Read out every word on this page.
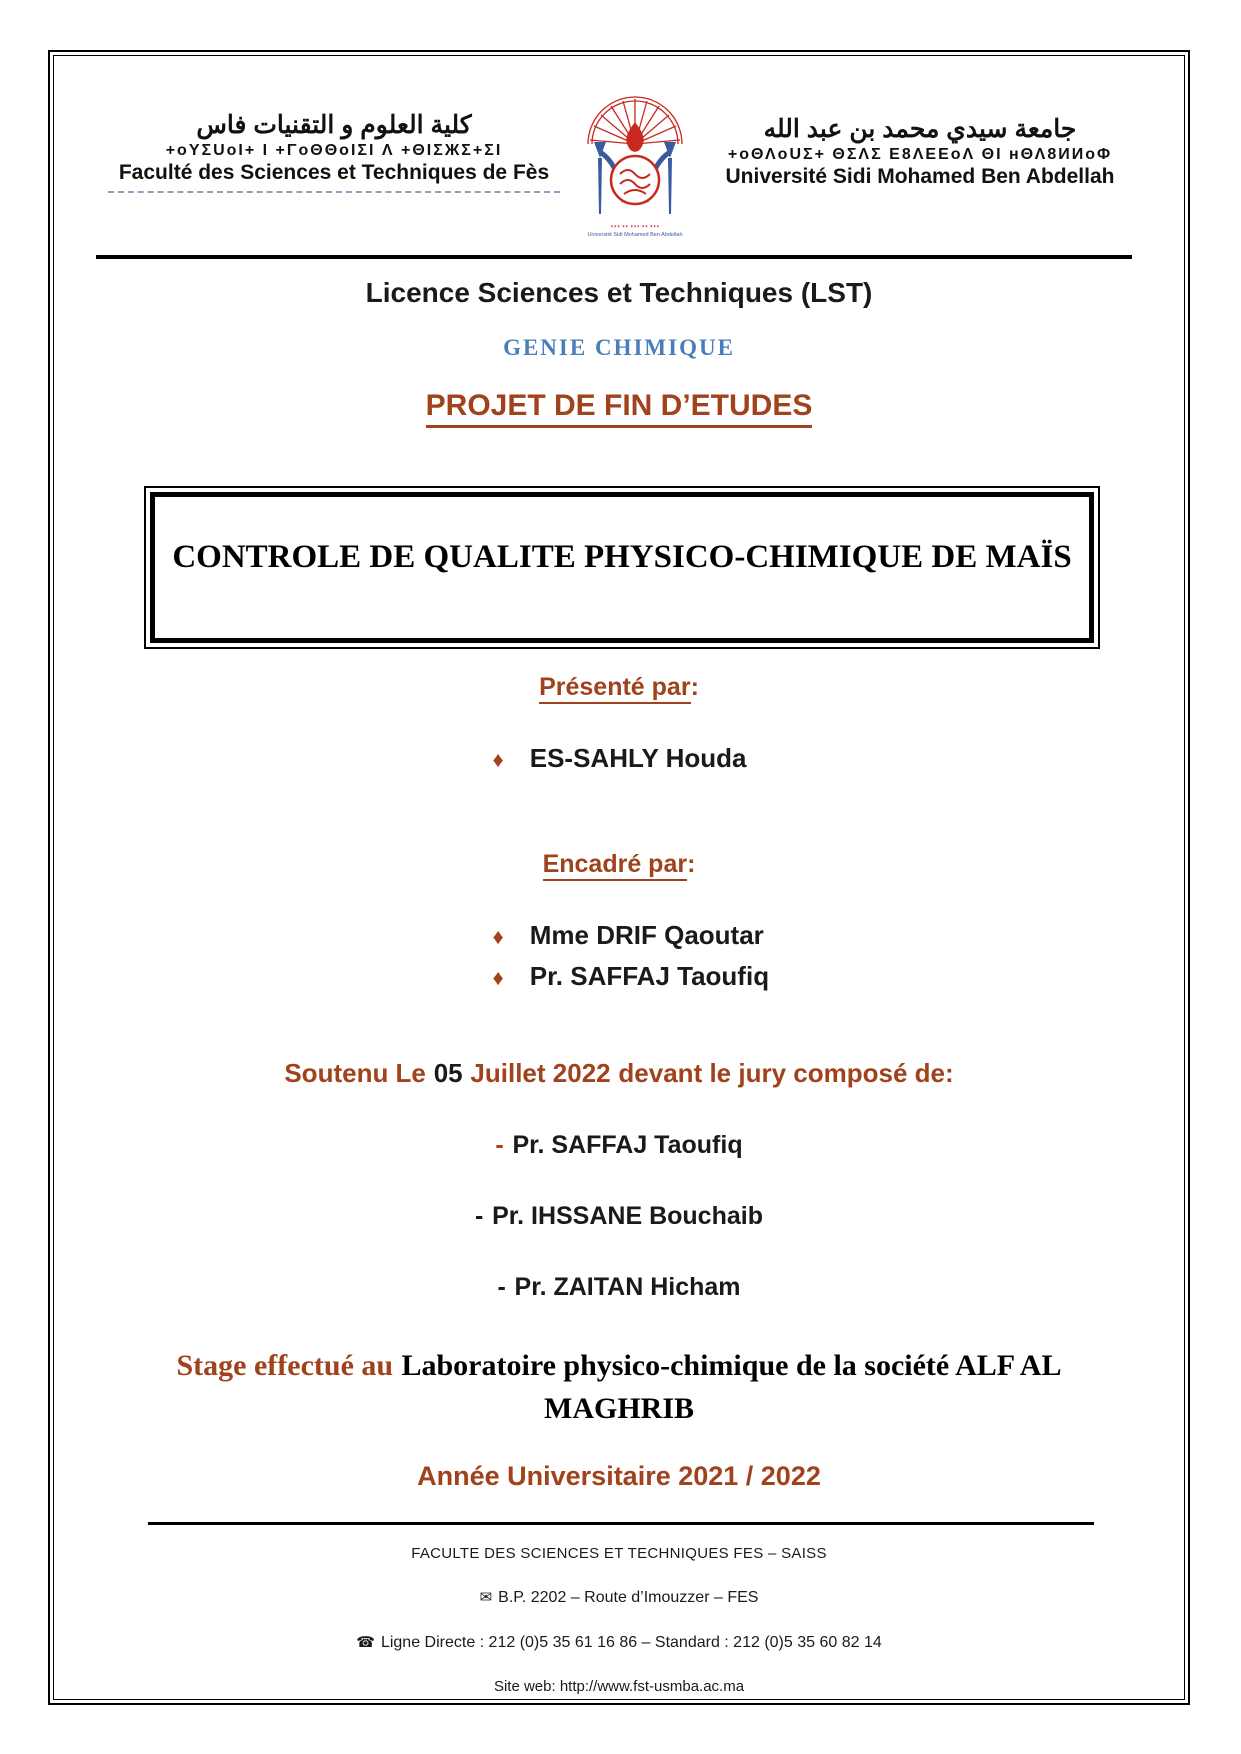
كلية العلوم و التقنيات فاس
+oYΣUoI+ I +ΓoΘΘoIΣI Λ +ΘIΣЖΣ+ΣI
Faculté des Sciences et Techniques de Fès
٭٭٭ ٭٭ ٭٭٭ ٭٭ ٭٭٭
Université Sidi Mohamed Ben Abdellah
جامعة سيدي محمد بن عبد الله
+oΘΛoUΣ+ ΘΣΛΣ Ε8ΛΕΕoΛ ΘΙ ʜΘΛ8ИИoΦ
Université Sidi Mohamed Ben Abdellah
Licence Sciences et Techniques (LST)
GENIE CHIMIQUE
PROJET DE FIN D’ETUDES
CONTROLE DE QUALITE PHYSICO-CHIMIQUE DE MAÏS
Présenté par:
♦ ES-SAHLY Houda
Encadré par:
♦ Mme DRIF Qaoutar
♦ Pr. SAFFAJ Taoufiq
Soutenu Le 05 Juillet 2022 devant le jury composé de:
- Pr. SAFFAJ Taoufiq
- Pr. IHSSANE Bouchaib
- Pr. ZAITAN Hicham
Stage effectué au Laboratoire physico-chimique de la société ALF AL MAGHRIB
Année Universitaire 2021 / 2022
FACULTE DES SCIENCES ET TECHNIQUES FES – SAISS
✉ B.P. 2202 – Route d’Imouzzer – FES
☎ Ligne Directe : 212 (0)5 35 61 16 86 – Standard : 212 (0)5 35 60 82 14
Site web: http://www.fst-usmba.ac.ma
